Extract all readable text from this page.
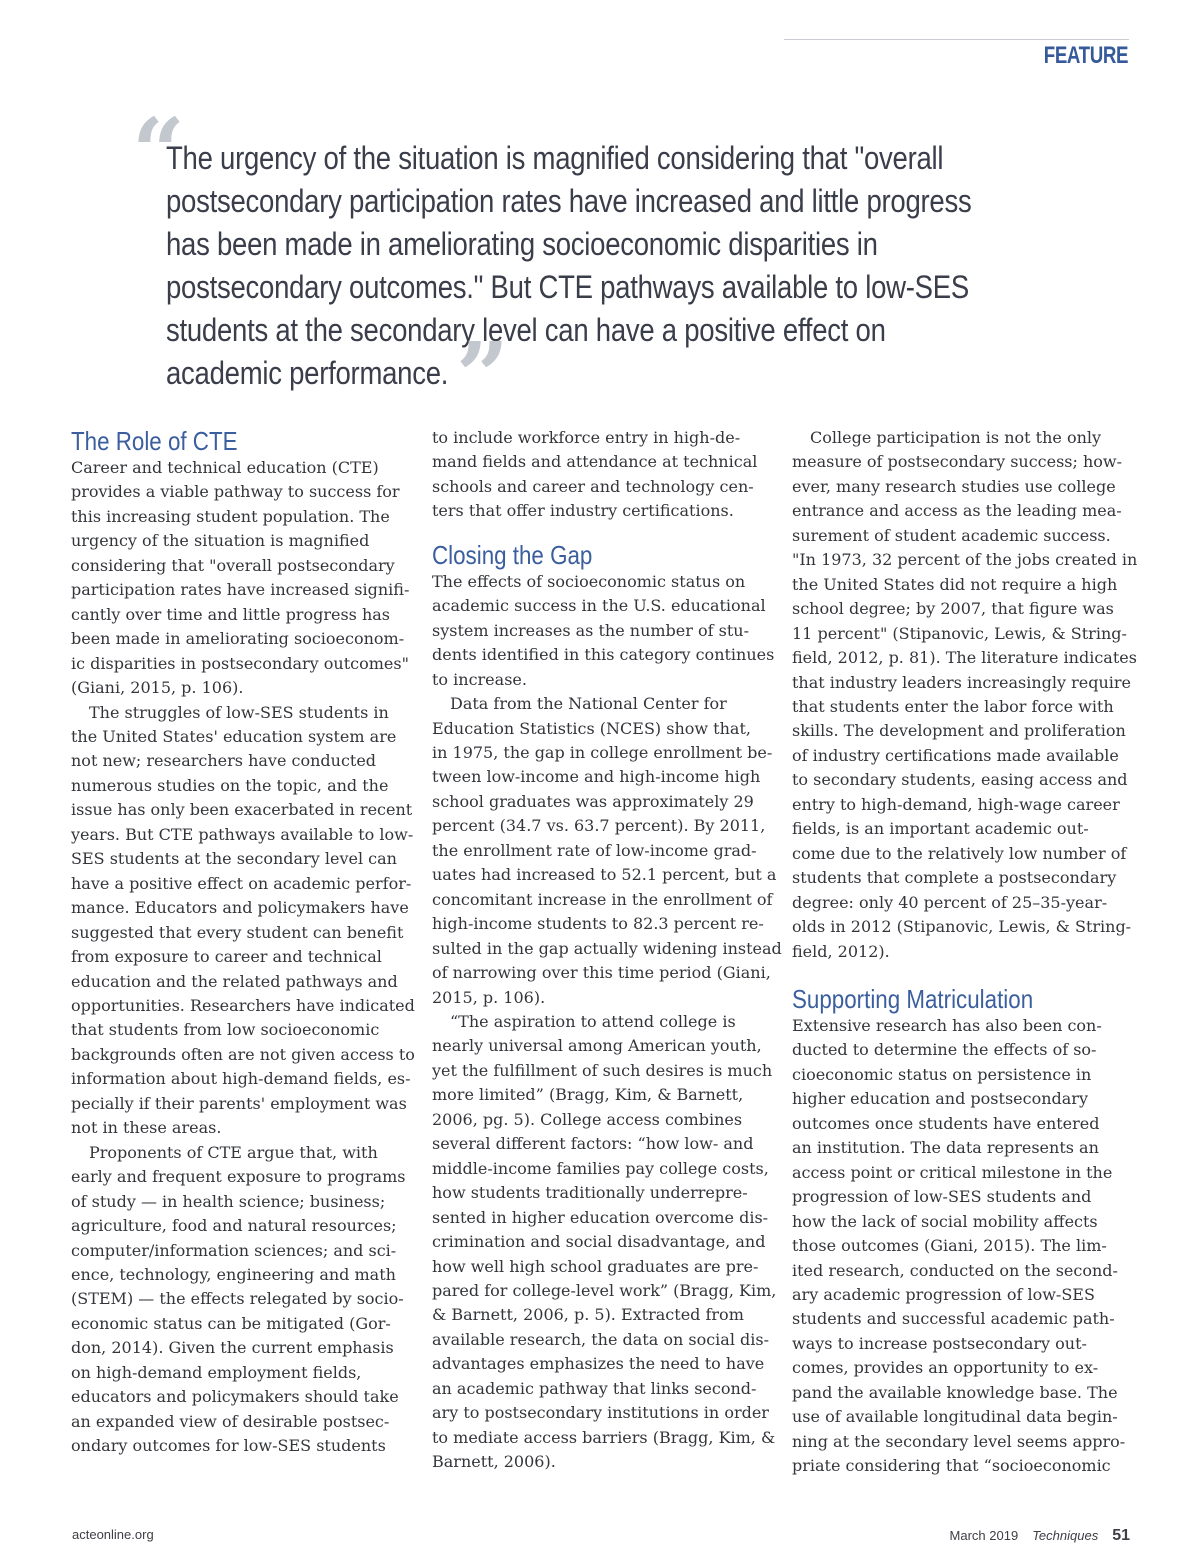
FEATURE
“
The urgency of the situation is magnified considering that "overall
postsecondary participation rates have increased and little progress
has been made in ameliorating socioeconomic disparities in
postsecondary outcomes." But CTE pathways available to low-SES
students at the secondary level can have a positive effect on
academic performance. ”
The Role of CTE
Career and technical education (CTE)
provides a viable pathway to success for
this increasing student population. The
urgency of the situation is magnified
considering that "overall postsecondary
participation rates have increased signifi-
cantly over time and little progress has
been made in ameliorating socioeconom-
ic disparities in postsecondary outcomes"
(Giani, 2015, p. 106).
The struggles of low-SES students in
the United States' education system are
not new; researchers have conducted
numerous studies on the topic, and the
issue has only been exacerbated in recent
years. But CTE pathways available to low-
SES students at the secondary level can
have a positive effect on academic perfor-
mance. Educators and policymakers have
suggested that every student can benefit
from exposure to career and technical
education and the related pathways and
opportunities. Researchers have indicated
that students from low socioeconomic
backgrounds often are not given access to
information about high-demand fields, es-
pecially if their parents' employment was
not in these areas.
Proponents of CTE argue that, with
early and frequent exposure to programs
of study — in health science; business;
agriculture, food and natural resources;
computer/information sciences; and sci-
ence, technology, engineering and math
(STEM) — the effects relegated by socio-
economic status can be mitigated (Gor-
don, 2014). Given the current emphasis
on high-demand employment fields,
educators and policymakers should take
an expanded view of desirable postsec-
ondary outcomes for low-SES students
to include workforce entry in high-de-
mand fields and attendance at technical
schools and career and technology cen-
ters that offer industry certifications.
Closing the Gap
The effects of socioeconomic status on
academic success in the U.S. educational
system increases as the number of stu-
dents identified in this category continues
to increase.
Data from the National Center for
Education Statistics (NCES) show that,
in 1975, the gap in college enrollment be-
tween low-income and high-income high
school graduates was approximately 29
percent (34.7 vs. 63.7 percent). By 2011,
the enrollment rate of low-income grad-
uates had increased to 52.1 percent, but a
concomitant increase in the enrollment of
high-income students to 82.3 percent re-
sulted in the gap actually widening instead
of narrowing over this time period (Giani,
2015, p. 106).
“The aspiration to attend college is
nearly universal among American youth,
yet the fulfillment of such desires is much
more limited” (Bragg, Kim, & Barnett,
2006, pg. 5). College access combines
several different factors: “how low- and
middle-income families pay college costs,
how students traditionally underrepre-
sented in higher education overcome dis-
crimination and social disadvantage, and
how well high school graduates are pre-
pared for college-level work” (Bragg, Kim,
& Barnett, 2006, p. 5). Extracted from
available research, the data on social dis-
advantages emphasizes the need to have
an academic pathway that links second-
ary to postsecondary institutions in order
to mediate access barriers (Bragg, Kim, &
Barnett, 2006).
College participation is not the only
measure of postsecondary success; how-
ever, many research studies use college
entrance and access as the leading mea-
surement of student academic success.
"In 1973, 32 percent of the jobs created in
the United States did not require a high
school degree; by 2007, that figure was
11 percent" (Stipanovic, Lewis, & String-
field, 2012, p. 81). The literature indicates
that industry leaders increasingly require
that students enter the labor force with
skills. The development and proliferation
of industry certifications made available
to secondary students, easing access and
entry to high-demand, high-wage career
fields, is an important academic out-
come due to the relatively low number of
students that complete a postsecondary
degree: only 40 percent of 25–35-year-
olds in 2012 (Stipanovic, Lewis, & String-
field, 2012).
Supporting Matriculation
Extensive research has also been con-
ducted to determine the effects of so-
cioeconomic status on persistence in
higher education and postsecondary
outcomes once students have entered
an institution. The data represents an
access point or critical milestone in the
progression of low-SES students and
how the lack of social mobility affects
those outcomes (Giani, 2015). The lim-
ited research, conducted on the second-
ary academic progression of low-SES
students and successful academic path-
ways to increase postsecondary out-
comes, provides an opportunity to ex-
pand the available knowledge base. The
use of available longitudinal data begin-
ning at the secondary level seems appro-
priate considering that “socioeconomic
acteonline.org	March 2019 Techniques 51
